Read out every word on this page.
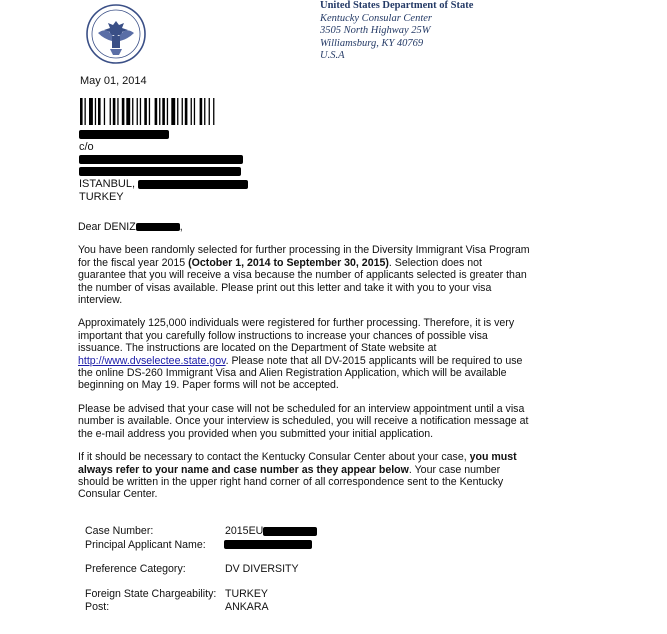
United States Department of State
Kentucky Consular Center
3505 North Highway 25W
Williamsburg, KY 40769
U.S.A
May 01, 2014
c/o
ISTANBUL,
TURKEY

Dear DENIZ	,

You have been randomly selected for further processing in the Diversity Immigrant Visa Program for the fiscal year 2015 (October 1, 2014 to September 30, 2015). Selection does not guarantee that you will receive a visa because the number of applicants selected is greater than the number of visas available. Please print out this letter and take it with you to your visa interview.

Approximately 125,000 individuals were registered for further processing. Therefore, it is very important that you carefully follow instructions to increase your chances of possible visa issuance. The instructions are located on the Department of State website at http://www.dvselectee.state.gov. Please note that all DV-2015 applicants will be required to use the online DS-260 Immigrant Visa and Alien Registration Application, which will be available beginning on May 19. Paper forms will not be accepted.

Please be advised that your case will not be scheduled for an interview appointment until a visa number is available. Once your interview is scheduled, you will receive a notification message at the e-mail address you provided when you submitted your initial application.

If it should be necessary to contact the Kentucky Consular Center about your case, you must always refer to your name and case number as they appear below. Your case number should be written in the upper right hand corner of all correspondence sent to the Kentucky Consular Center.

Case Number:	2015EU
Principal Applicant Name:
Preference Category:	DV DIVERSITY
Foreign State Chargeability: TURKEY
Post:	ANKARA
